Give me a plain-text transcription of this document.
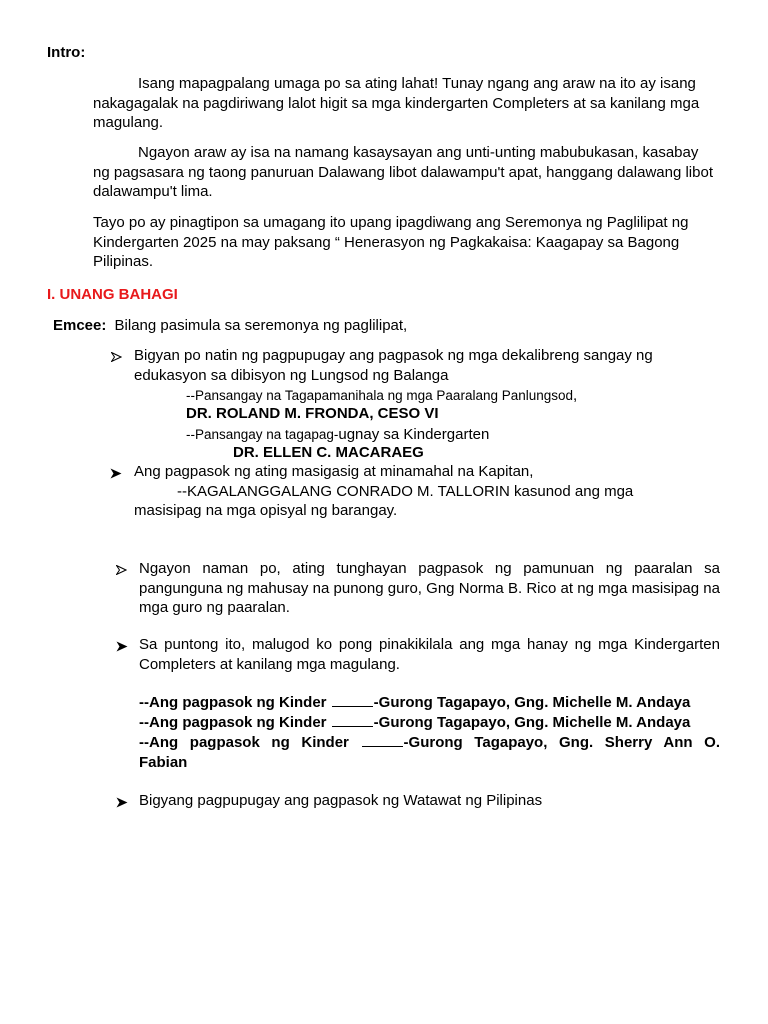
Intro:

Isang mapagpalang umaga po sa ating lahat! Tunay ngang ang araw na ito ay isang nakagagalak na pagdiriwang lalot higit sa mga kindergarten Completers at sa kanilang mga magulang.

Ngayon araw ay isa na namang kasaysayan ang unti-unting mabubukasan, kasabay ng pagsasara ng taong panuruan Dalawang libot dalawampu't apat, hanggang dalawang libot dalawampu't lima.

Tayo po ay pinagtipon sa umagang ito upang ipagdiwang ang Seremonya ng Paglilipat ng Kindergarten 2025 na may paksang “ Henerasyon ng Pagkakaisa: Kaagapay sa Bagong Pilipinas.

I. UNANG BAHAGI
Emcee: Bilang pasimula sa seremonya ng paglilipat,

Bigyan po natin ng pagpupugay ang pagpasok ng mga dekalibreng sangay ng edukasyon sa dibisyon ng Lungsod ng Balanga

--Pansangay na Tagapamanihala ng mga Paaralang Panlungsod,
DR. ROLAND M. FRONDA, CESO VI
--Pansangay na tagapag-ugnay sa Kindergarten
DR. ELLEN C. MACARAEG
Ang pagpasok ng ating masigasig at minamahal na Kapitan,
--KAGALANGGALANG CONRADO M. TALLORIN kasunod ang mga
masisipag na mga opisyal ng barangay.

Ngayon naman po, ating tunghayan pagpasok ng pamunuan ng paaralan sa pangunguna ng mahusay na punong guro, Gng Norma B. Rico at ng mga masisipag na mga guro ng paaralan.

Sa puntong ito, malugod ko pong pinakikilala ang mga hanay ng mga Kindergarten Completers at kanilang mga magulang.

--Ang pagpasok ng Kinder	-Gurong Tagapayo, Gng. Michelle M. Andaya
--Ang pagpasok ng Kinder	-Gurong Tagapayo, Gng. Michelle M. Andaya
--Ang pagpasok ng Kinder	-Gurong Tagapayo, Gng. Sherry Ann O. Fabian
Bigyang pagpupugay ang pagpasok ng Watawat ng Pilipinas
